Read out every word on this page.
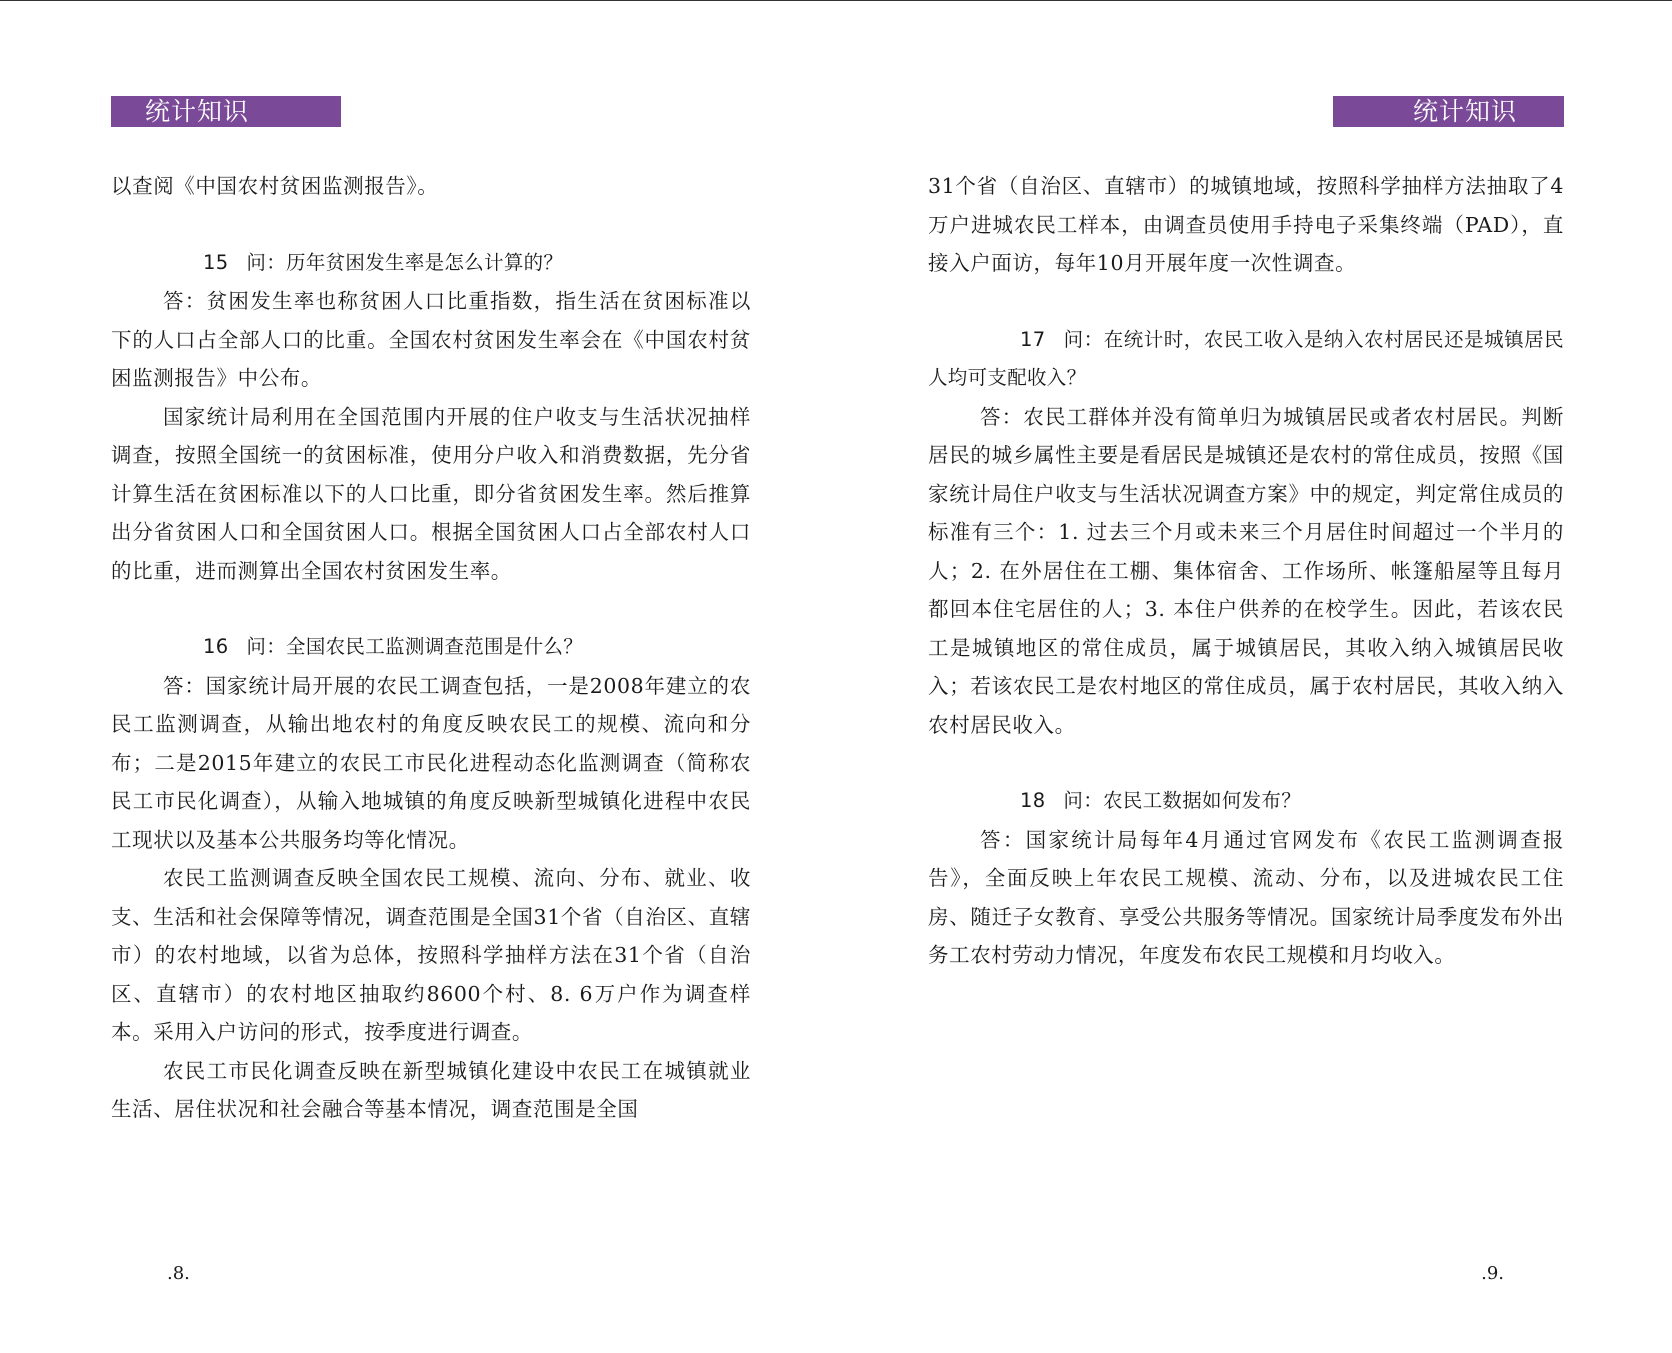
统计知识

以查阅《中国农村贫困监测报告》。

15 问：历年贫困发生率是怎么计算的？

答：贫困发生率也称贫困人口比重指数，指生活在贫困标准以下的人口占全部人口的比重。全国农村贫困发生率会在《中国农村贫困监测报告》中公布。

国家统计局利用在全国范围内开展的住户收支与生活状况抽样调查，按照全国统一的贫困标准，使用分户收入和消费数据，先分省计算生活在贫困标准以下的人口比重，即分省贫困发生率。然后推算出分省贫困人口和全国贫困人口。根据全国贫困人口占全部农村人口的比重，进而测算出全国农村贫困发生率。

16 问：全国农民工监测调查范围是什么？

答：国家统计局开展的农民工调查包括，一是2008年建立的农民工监测调查，从输出地农村的角度反映农民工的规模、流向和分布；二是2015年建立的农民工市民化进程动态化监测调查（简称农民工市民化调查），从输入地城镇的角度反映新型城镇化进程中农民工现状以及基本公共服务均等化情况。

农民工监测调查反映全国农民工规模、流向、分布、就业、收支、生活和社会保障等情况，调查范围是全国31个省（自治区、直辖市）的农村地域，以省为总体，按照科学抽样方法在31个省（自治区、直辖市）的农村地区抽取约8600个村、8. 6万户作为调查样本。采用入户访问的形式，按季度进行调查。

农民工市民化调查反映在新型城镇化建设中农民工在城镇就业生活、居住状况和社会融合等基本情况，调查范围是全国

.8.
统计知识

31个省（自治区、直辖市）的城镇地域，按照科学抽样方法抽取了4万户进城农民工样本，由调查员使用手持电子采集终端（PAD），直接入户面访，每年10月开展年度一次性调查。

17 问：在统计时，农民工收入是纳入农村居民还是城镇居民人均可支配收入？

答：农民工群体并没有简单归为城镇居民或者农村居民。判断居民的城乡属性主要是看居民是城镇还是农村的常住成员，按照《国家统计局住户收支与生活状况调查方案》中的规定，判定常住成员的标准有三个：1. 过去三个月或未来三个月居住时间超过一个半月的人；2. 在外居住在工棚、集体宿舍、工作场所、帐篷船屋等且每月都回本住宅居住的人；3. 本住户供养的在校学生。因此，若该农民工是城镇地区的常住成员，属于城镇居民，其收入纳入城镇居民收入；若该农民工是农村地区的常住成员，属于农村居民，其收入纳入农村居民收入。

18 问：农民工数据如何发布？

答：国家统计局每年4月通过官网发布《农民工监测调查报告》，全面反映上年农民工规模、流动、分布，以及进城农民工住房、随迁子女教育、享受公共服务等情况。国家统计局季度发布外出务工农村劳动力情况，年度发布农民工规模和月均收入。

.9.
